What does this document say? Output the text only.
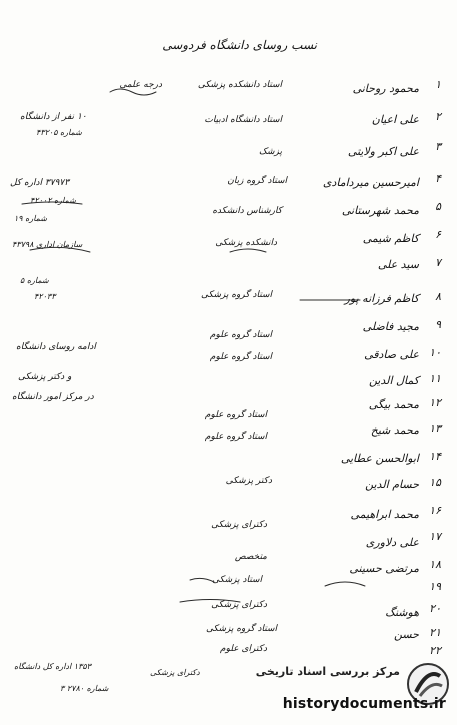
نسب روسای دانشگاه فردوسی
درجه علمی	۱
محمود روحانی
استاد دانشکده پزشکی
۲
علی اعیان
استاد دانشگاه ادبیات
۳
علی اکبر ولایتی
پزشک
۴
امیرحسین میردامادی
استاد گروه زبان
۵
محمد شهرستانی
کارشناس دانشکده
۶
کاظم شیمی
دانشکده پزشکی
۷
سید علی
۸
کاظم فرزانه پور
استاد گروه پزشکی
۹
مجید فاضلی
استاد گروه علوم
۱۰
علی صادقی
استاد گروه علوم
۱۱
کمال الدین
۱۲
محمد بیگی
استاد گروه علوم
۱۳
محمد شیخ
استاد گروه علوم
۱۴
ابوالحسن عطایی
۱۵
حسام الدین
دکتر پزشکی
۱۶
محمد ابراهیمی
۱۷
علی دلاوری
دکترای پزشکی
۱۸
مرتضی حسینی
متخصص
۱۹
استاد پزشکی
۲۰
هوشنگ
دکترای پزشکی
۲۱
حسن
استاد گروه پزشکی
۲۲
دکترای علوم
۱۰ نفر از دانشگاه
شماره ۴۳۲۰۵
۳۷۹۷۳ اداره کل
شماره ۴۲۰۰۲
شماره ۱۹
سازمان اداری ۴۳۷۹۸
شماره ۵
۴۲۰۳۳
ادامه روسای دانشگاه
و دکتر پزشکی
در مرکز امور دانشگاه
۱۳۵۳ اداره کل دانشگاه
شماره ۲۷۸۰ ۳
دکترای پزشکی	مرکز بررسی اسناد تاریخی
historydocuments.ir
